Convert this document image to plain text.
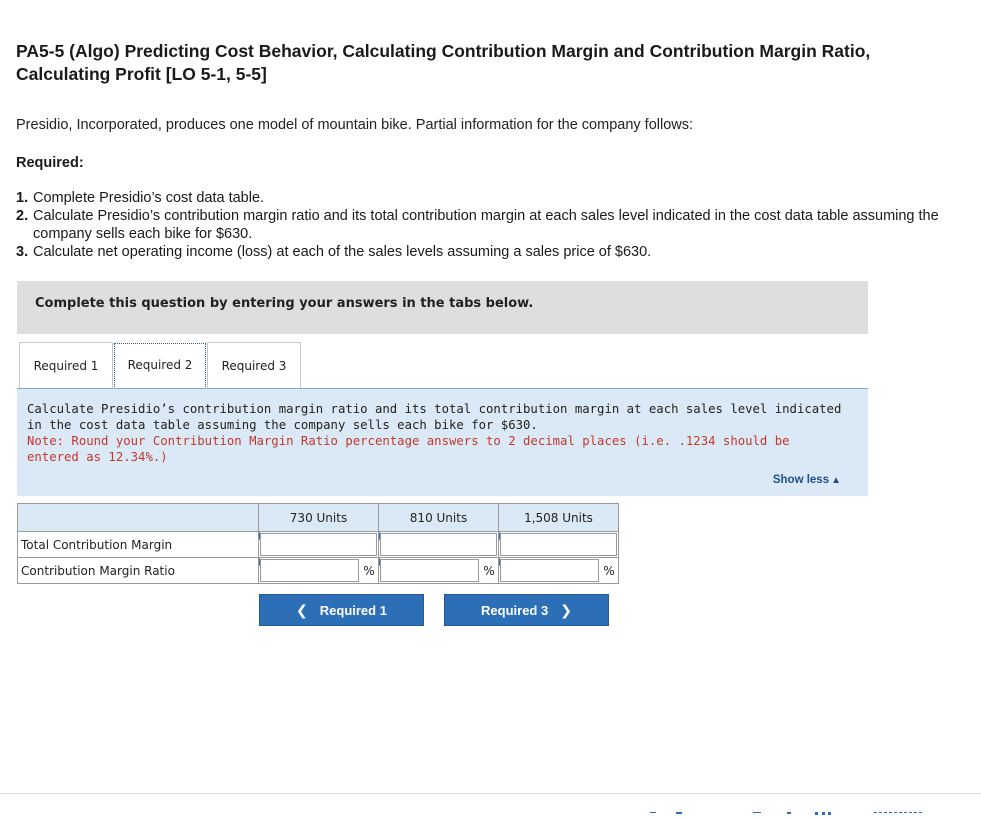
PA5-5 (Algo) Predicting Cost Behavior, Calculating Contribution Margin and Contribution Margin Ratio, Calculating Profit [LO 5-1, 5-5]
Presidio, Incorporated, produces one model of mountain bike. Partial information for the company follows:
Required:
1. Complete Presidio’s cost data table.
2. Calculate Presidio’s contribution margin ratio and its total contribution margin at each sales level indicated in the cost data table assuming the company sells each bike for $630.
3. Calculate net operating income (loss) at each of the sales levels assuming a sales price of $630.
Complete this question by entering your answers in the tabs below.
Required 1 Required 2 Required 3
Calculate Presidio’s contribution margin ratio and its total contribution margin at each sales level indicated in the cost data table assuming the company sells each bike for $630.
Note: Round your Contribution Margin Ratio percentage answers to 2 decimal places (i.e. .1234 should be entered as 12.34%.)
Show less ▲
	730 Units	810 Units	1,508 Units
Total Contribution Margin	

Contribution Margin Ratio	%	%	%
❮ Required 1	Required 3 ❯
